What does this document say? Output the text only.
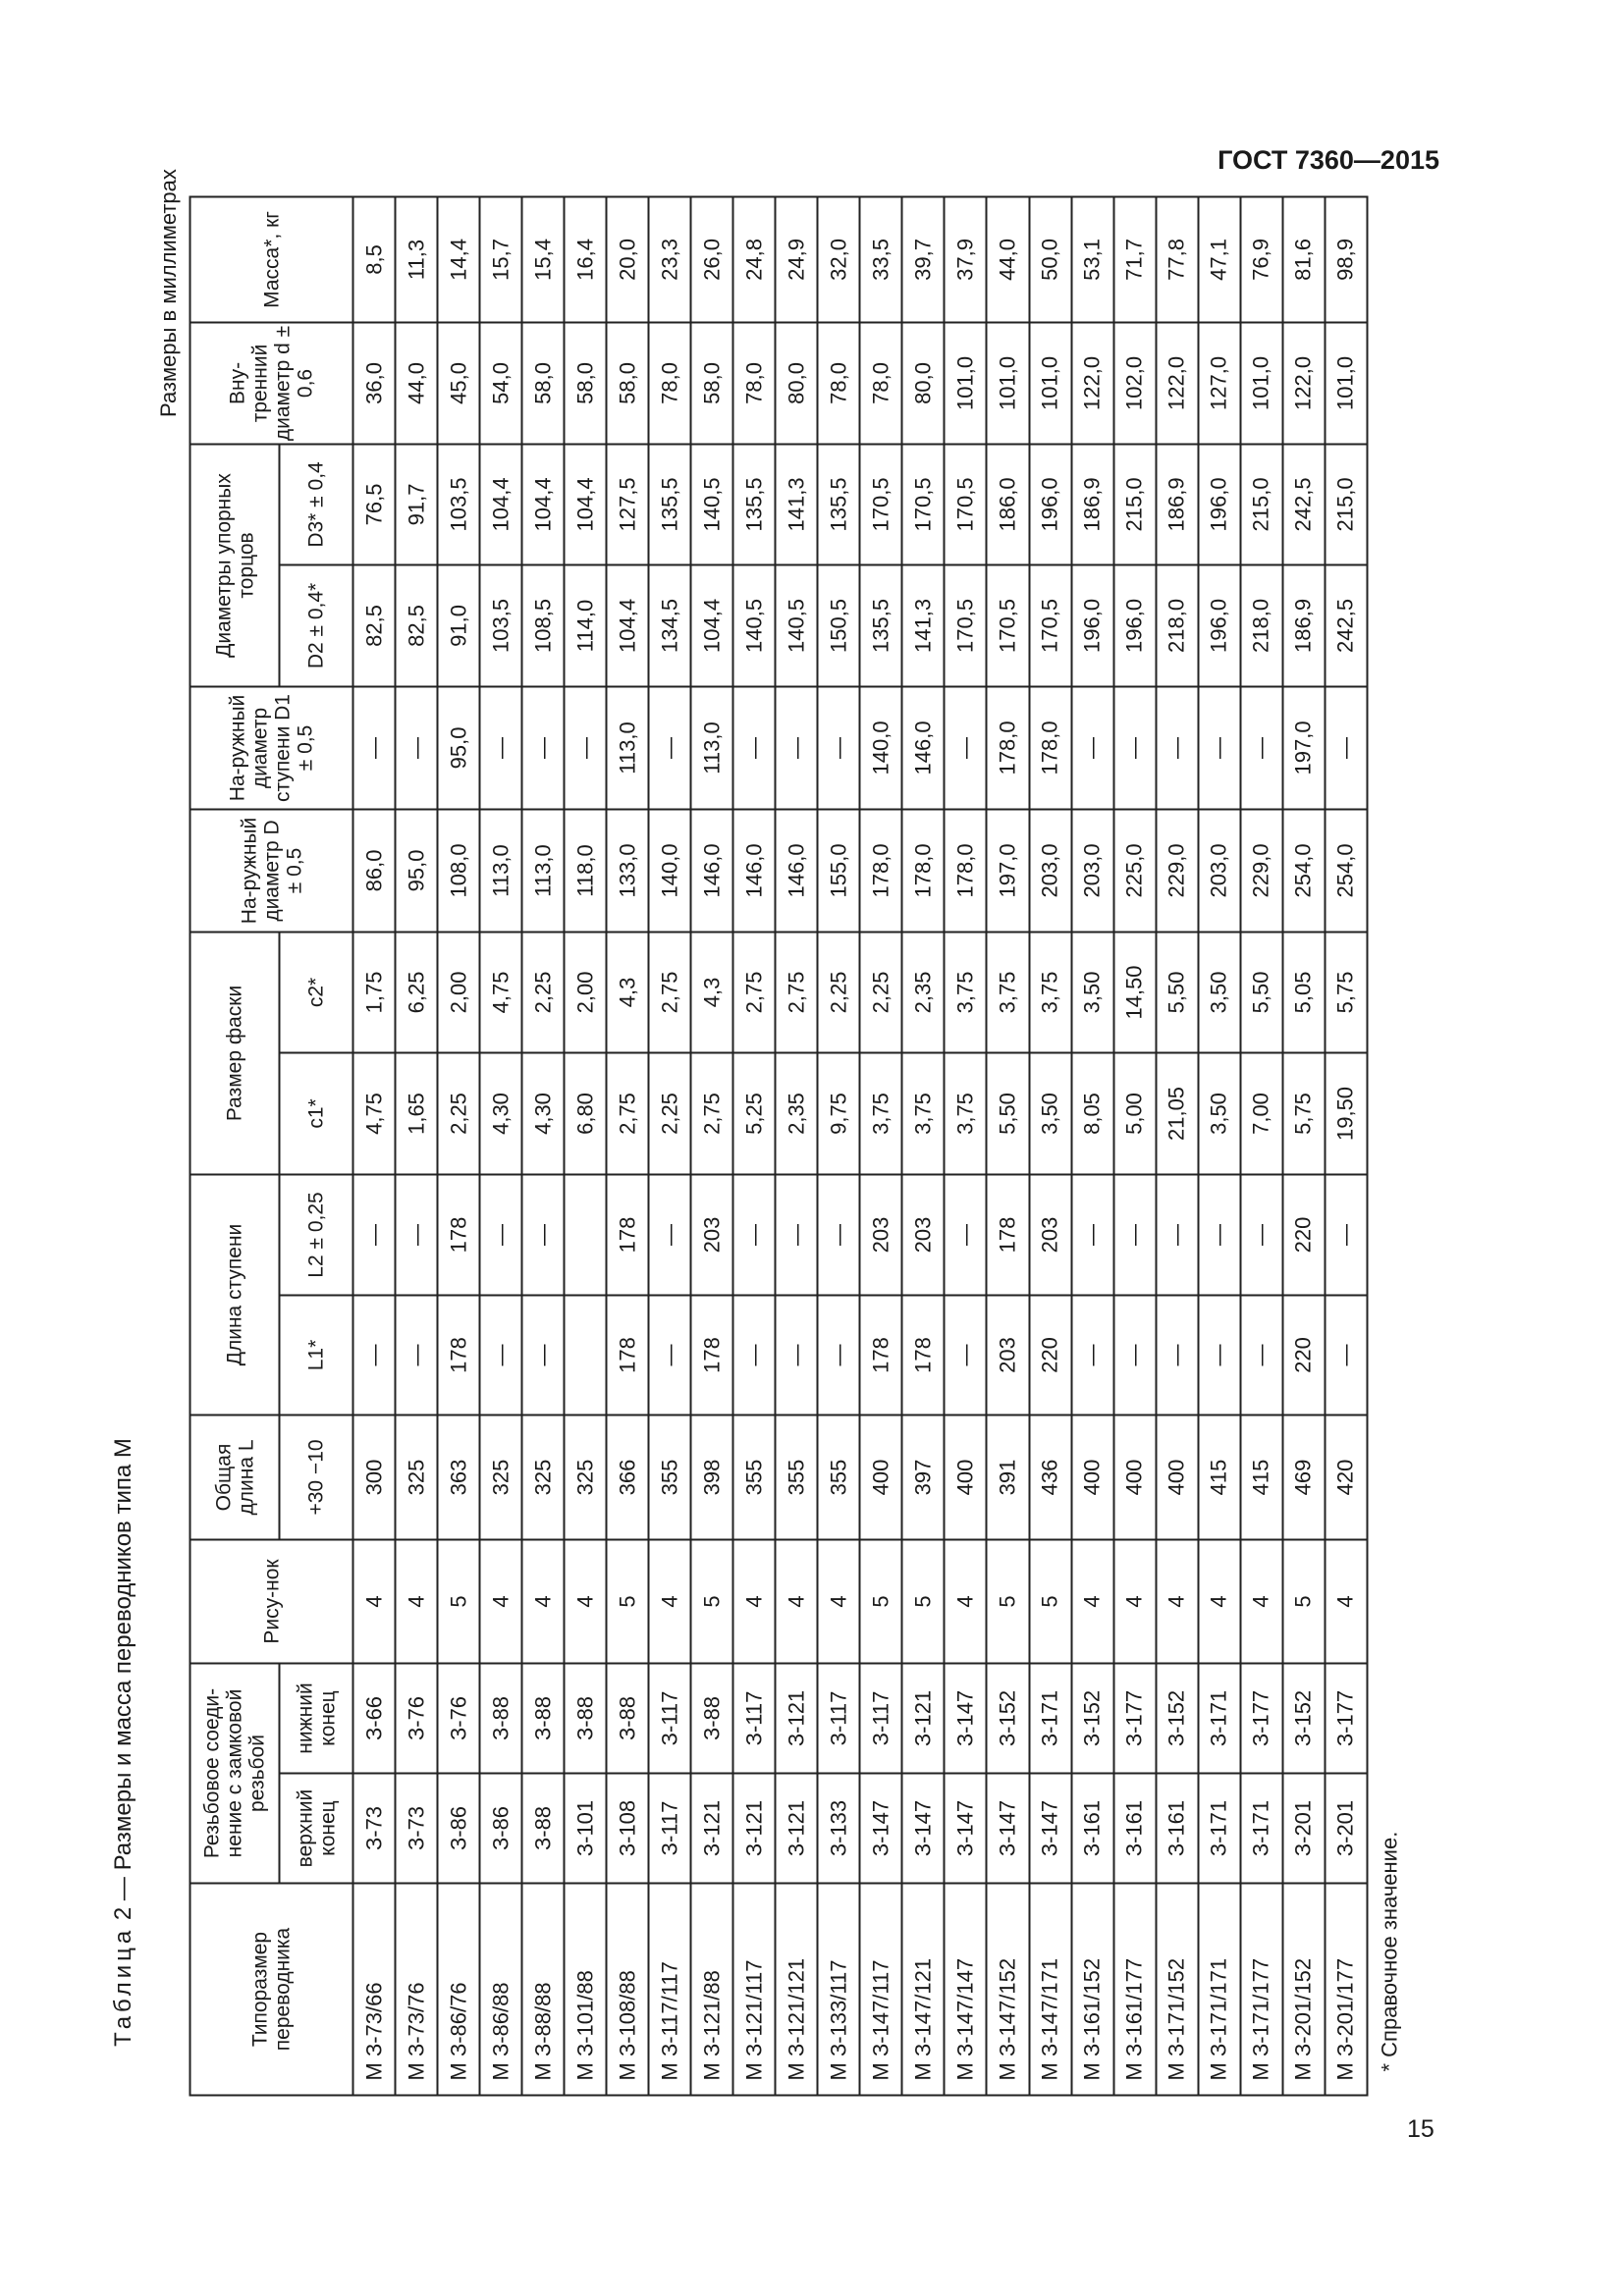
ГОСТ 7360—2015
Размеры в миллиметрах
Таблица 2 — Размеры и масса переводников типа М
Типоразмер переводника	Резьбовое соеди-нение с замковой резьбой		Рису-нок	Общая длина L	Длина ступени		Размер фаски		На-ружный диаметр D ± 0,5	На-ружный диаметр ступени D1 ± 0,5	Диаметры упорных торцов		Вну-тренний диаметр d ± 0,6	Масса*, кг
	верхний конец	нижний конец		+30 −10	L1*	L2 ± 0,25	c1*	c2*			D2 ± 0,4*	D3* ± 0,4		
М З-73/66	З-73	З-66	4	300	—	—	4,75	1,75	86,0	—	82,5	76,5	36,0	8,5
М З-73/76	З-73	З-76	4	325	—	—	1,65	6,25	95,0	—	82,5	91,7	44,0	11,3
М З-86/76	З-86	З-76	5	363	178	178	2,25	2,00	108,0	95,0	91,0	103,5	45,0	14,4
М З-86/88	З-86	З-88	4	325	—	—	4,30	4,75	113,0	—	103,5	104,4	54,0	15,7
М З-88/88	З-88	З-88	4	325	—	—	4,30	2,25	113,0	—	108,5	104,4	58,0	15,4
М З-101/88	З-101	З-88	4	325			6,80	2,00	118,0	—	114,0	104,4	58,0	16,4
М З-108/88	З-108	З-88	5	366	178	178	2,75	4,3	133,0	113,0	104,4	127,5	58,0	20,0
М З-117/117	З-117	З-117	4	355	—	—	2,25	2,75	140,0	—	134,5	135,5	78,0	23,3
М З-121/88	З-121	З-88	5	398	178	203	2,75	4,3	146,0	113,0	104,4	140,5	58,0	26,0
М З-121/117	З-121	З-117	4	355	—	—	5,25	2,75	146,0	—	140,5	135,5	78,0	24,8
М З-121/121	З-121	З-121	4	355	—	—	2,35	2,75	146,0	—	140,5	141,3	80,0	24,9
М З-133/117	З-133	З-117	4	355	—	—	9,75	2,25	155,0	—	150,5	135,5	78,0	32,0
М З-147/117	З-147	З-117	5	400	178	203	3,75	2,25	178,0	140,0	135,5	170,5	78,0	33,5
М З-147/121	З-147	З-121	5	397	178	203	3,75	2,35	178,0	146,0	141,3	170,5	80,0	39,7
М З-147/147	З-147	З-147	4	400	—	—	3,75	3,75	178,0	—	170,5	170,5	101,0	37,9
М З-147/152	З-147	З-152	5	391	203	178	5,50	3,75	197,0	178,0	170,5	186,0	101,0	44,0
М З-147/171	З-147	З-171	5	436	220	203	3,50	3,75	203,0	178,0	170,5	196,0	101,0	50,0
М З-161/152	З-161	З-152	4	400	—	—	8,05	3,50	203,0	—	196,0	186,9	122,0	53,1
М З-161/177	З-161	З-177	4	400	—	—	5,00	14,50	225,0	—	196,0	215,0	102,0	71,7
М З-171/152	З-161	З-152	4	400	—	—	21,05	5,50	229,0	—	218,0	186,9	122,0	77,8
М З-171/171	З-171	З-171	4	415	—	—	3,50	3,50	203,0	—	196,0	196,0	127,0	47,1
М З-171/177	З-171	З-177	4	415	—	—	7,00	5,50	229,0	—	218,0	215,0	101,0	76,9
М З-201/152	З-201	З-152	5	469	220	220	5,75	5,05	254,0	197,0	186,9	242,5	122,0	81,6
М З-201/177	З-201	З-177	4	420	—	—	19,50	5,75	254,0	—	242,5	215,0	101,0	98,9
* Справочное значение.														
15
